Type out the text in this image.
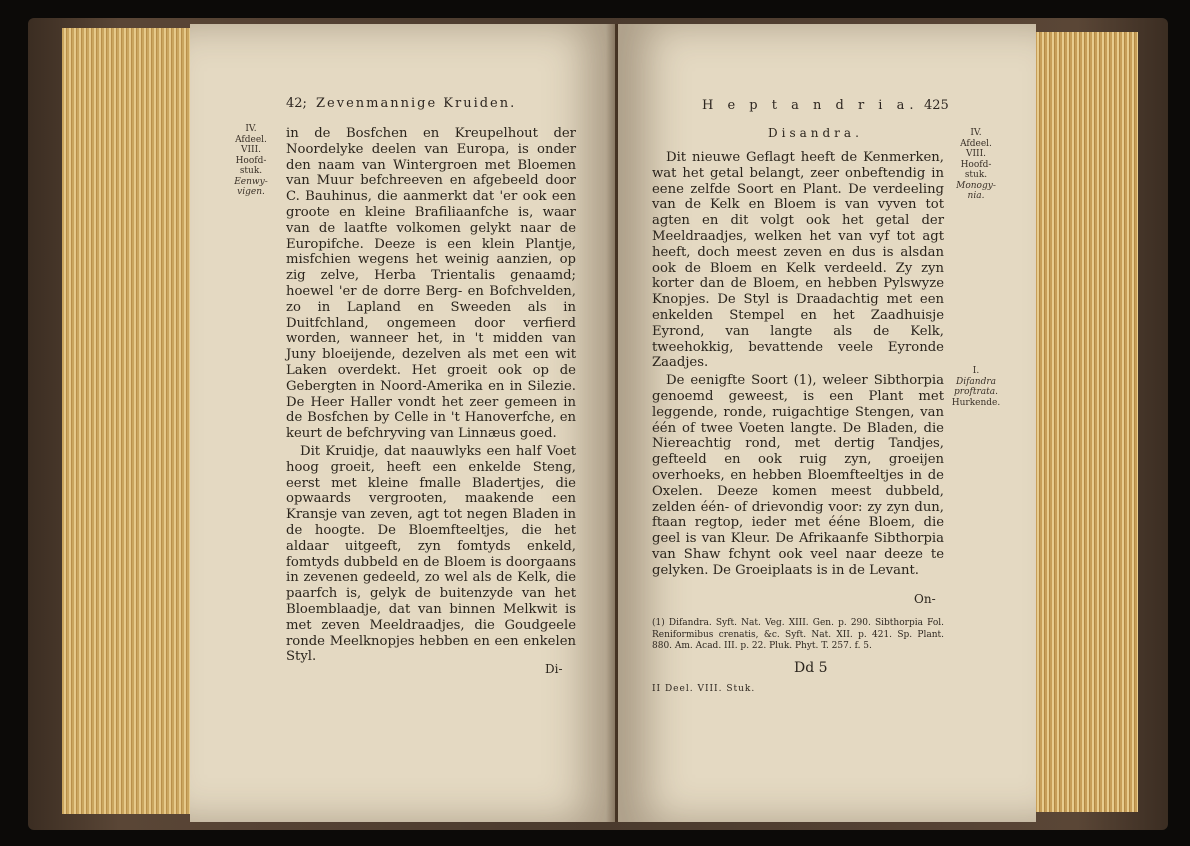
42; Zevenmannige Kruiden.
IV.
Afdeel.
VIII.
Hoofd-
stuk.
Eenwy-
vigen.

in de Bosfchen en Kreupelhout der Noordelyke deelen van Europa, is onder den naam van Wintergroen met Bloemen van Muur befchreeven en afgebeeld door C. Bauhinus, die aanmerkt dat 'er ook een groote en kleine Brafiliaanfche is, waar van de laatfte volkomen gelykt naar de Europifche. Deeze is een klein Plantje, misfchien wegens het weinig aanzien, op zig zelve, Herba Trientalis genaamd; hoewel 'er de dorre Berg- en Bofchvelden, zo in Lapland en Sweeden als in Duitfchland, ongemeen door verfierd worden, wanneer het, in 't midden van Juny bloeijende, dezelven als met een wit Laken overdekt. Het groeit ook op de Gebergten in Noord-Amerika en in Silezie. De Heer Haller vondt het zeer gemeen in de Bosfchen by Celle in 't Hanoverfche, en keurt de befchryving van Linnæus goed.

Dit Kruidje, dat naauwlyks een half Voet hoog groeit, heeft een enkelde Steng, eerst met kleine fmalle Bladertjes, die opwaards vergrooten, maakende een Kransje van zeven, agt tot negen Bladen in de hoogte. De Bloemfteeltjes, die het aldaar uitgeeft, zyn fomtyds enkeld, fomtyds dubbeld en de Bloem is doorgaans in zevenen gedeeld, zo wel als de Kelk, die paarfch is, gelyk de buitenzyde van het Bloemblaadje, dat van binnen Melkwit is met zeven Meeldraadjes, die Goudgeele ronde Meelknopjes hebben en een enkelen Styl.

Di-
H e p t a n d r i a. 425
Disandra.	IV.
Afdeel.
VIII.
Hoofd-
stuk.
Monogy-
nia.
I.
Difandra
proftrata.
Hurkende.

Dit nieuwe Geflagt heeft de Kenmerken, wat het getal belangt, zeer onbeftendig in eene zelfde Soort en Plant. De verdeeling van de Kelk en Bloem is van vyven tot agten en dit volgt ook het getal der Meeldraadjes, welken het van vyf tot agt heeft, doch meest zeven en dus is alsdan ook de Bloem en Kelk verdeeld. Zy zyn korter dan de Bloem, en hebben Pylswyze Knopjes. De Styl is Draadachtig met een enkelden Stempel en het Zaadhuisje Eyrond, van langte als de Kelk, tweehokkig, bevattende veele Eyronde Zaadjes.

De eenigfte Soort (1), weleer Sibthorpia genoemd geweest, is een Plant met leggende, ronde, ruigachtige Stengen, van één of twee Voeten langte. De Bladen, die Niereachtig rond, met dertig Tandjes, gefteeld en ook ruig zyn, groeijen overhoeks, en hebben Bloemfteeltjes in de Oxelen. Deeze komen meest dubbeld, zelden één- of drievondig voor: zy zyn dun, ftaan regtop, ieder met ééne Bloem, die geel is van Kleur. De Afrikaanfe Sibthorpia van Shaw fchynt ook veel naar deeze te gelyken. De Groeiplaats is in de Levant.

On-
(1) Difandra. Syft. Nat. Veg. XIII. Gen. p. 290. Sibthorpia Fol. Reniformibus crenatis, &c. Syft. Nat. XII. p. 421. Sp. Plant. 880. Am. Acad. III. p. 22. Pluk. Phyt. T. 257. f. 5.
Dd 5
II Deel. VIII. Stuk.
